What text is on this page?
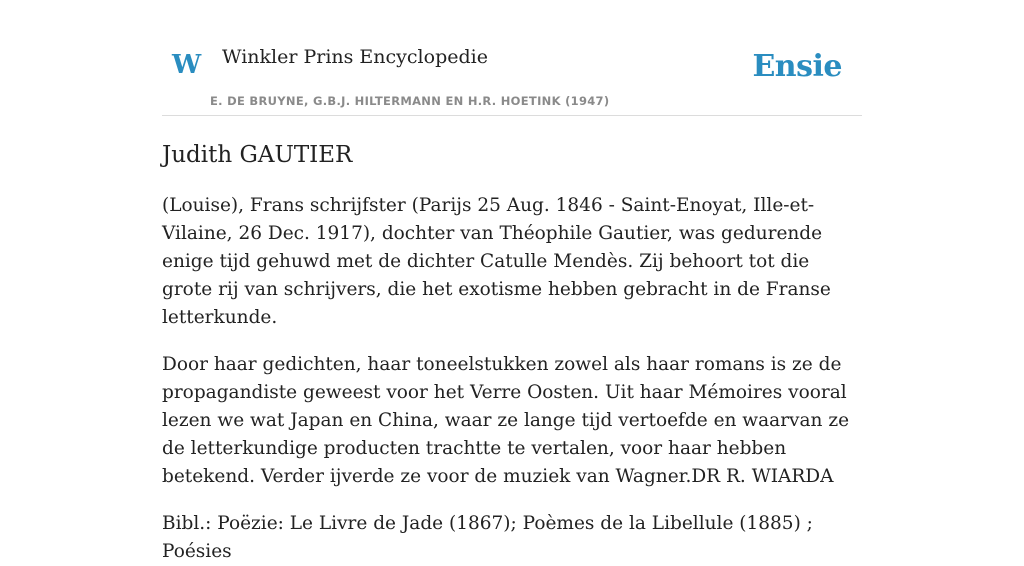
W Winkler Prins Encyclopedie
E. DE BRUYNE, G.B.J. HILTERMANN EN H.R. HOETINK (1947)
Ensie
Judith GAUTIER

(Louise), Frans schrijfster (Parijs 25 Aug. 1846 - Saint-Enoyat, Ille-et-Vilaine, 26 Dec. 1917), dochter van Théophile Gautier, was gedurende enige tijd gehuwd met de dichter Catulle Mendès. Zij behoort tot die grote rij van schrijvers, die het exotisme hebben gebracht in de Franse letterkunde.

Door haar gedichten, haar toneelstukken zowel als haar romans is ze de propagandiste geweest voor het Verre Oosten. Uit haar Mémoires vooral lezen we wat Japan en China, waar ze lange tijd vertoefde en waarvan ze de letterkundige producten trachtte te vertalen, voor haar hebben betekend. Verder ijverde ze voor de muziek van Wagner.DR R. WIARDA

Bibl.: Poëzie: Le Livre de Jade (1867); Poèmes de la Libellule (1885) ; Poésies
